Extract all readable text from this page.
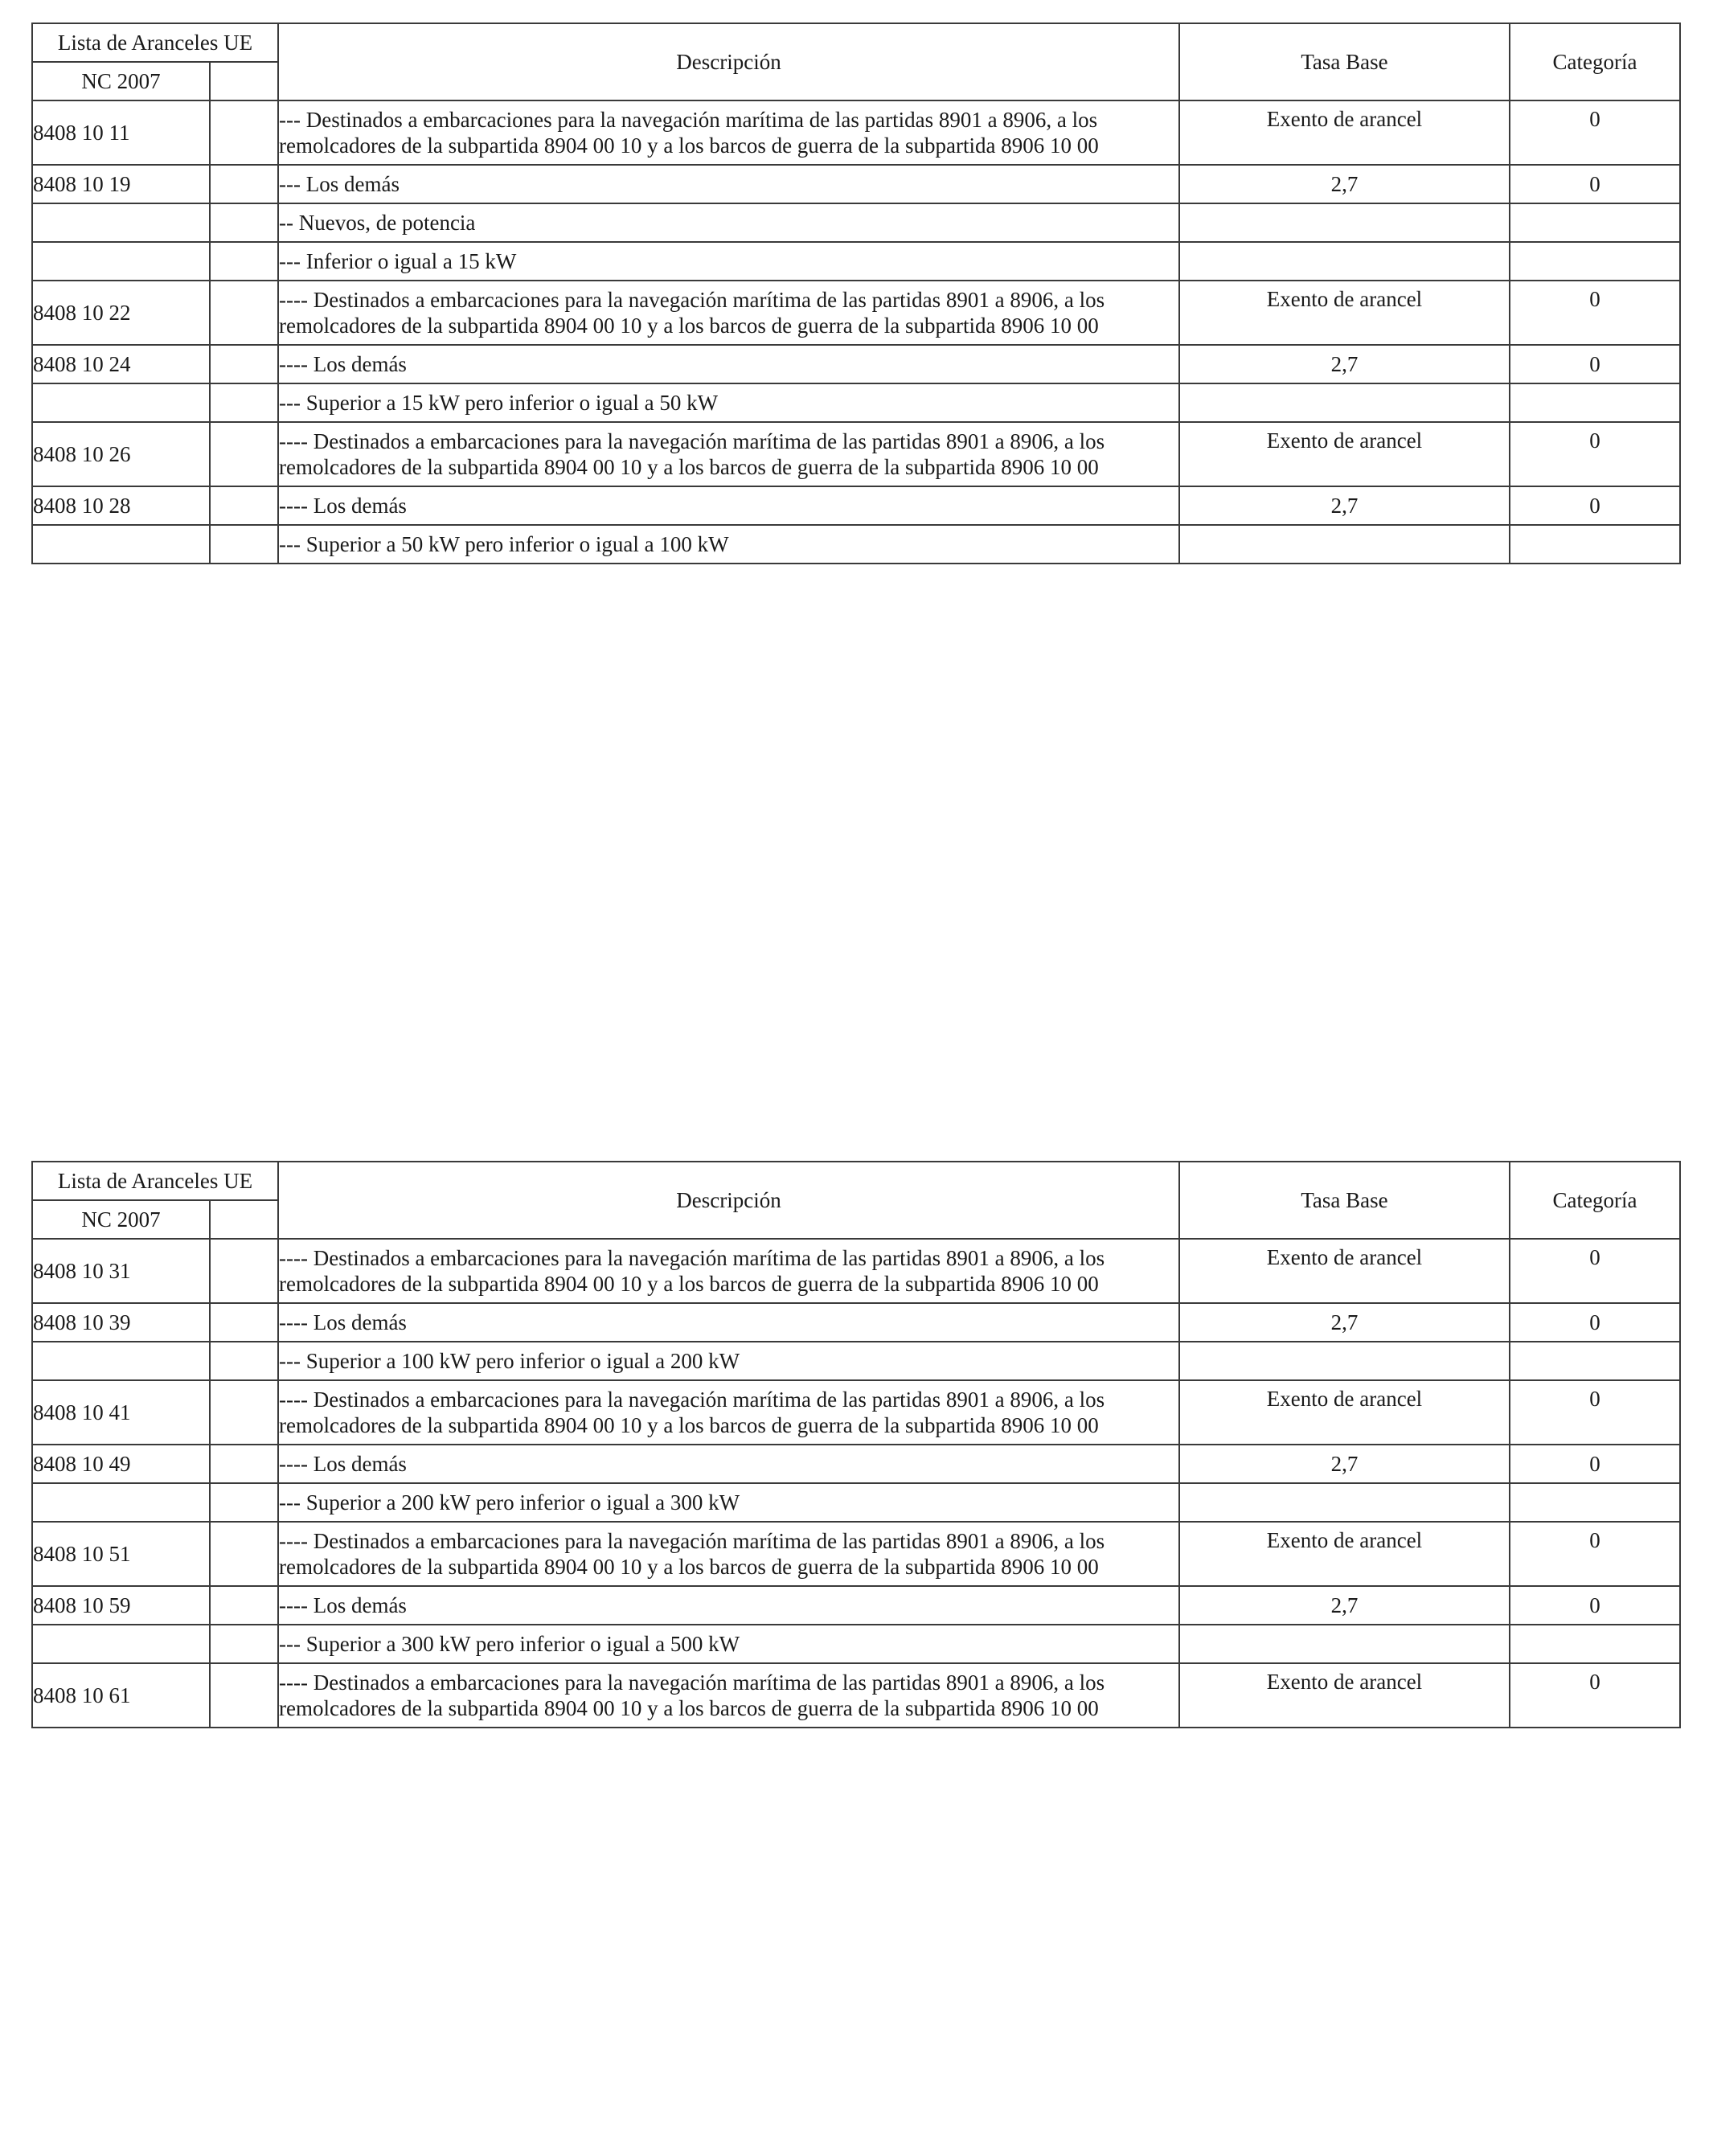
Lista de Aranceles UE		Descripción	Tasa Base	Categoría
NC 2007				
8408 10 11		--- Destinados a embarcaciones para la navegación marítima de las partidas 8901 a 8906, a los remolcadores de la subpartida 8904 00 10 y a los barcos de guerra de la subpartida 8906 10 00	Exento de arancel	0
8408 10 19		--- Los demás	2,7	0
		-- Nuevos, de potencia		
		--- Inferior o igual a 15 kW		
8408 10 22		---- Destinados a embarcaciones para la navegación marítima de las partidas 8901 a 8906, a los remolcadores de la subpartida 8904 00 10 y a los barcos de guerra de la subpartida 8906 10 00	Exento de arancel	0
8408 10 24		---- Los demás	2,7	0
		--- Superior a 15 kW pero inferior o igual a 50 kW		
8408 10 26		---- Destinados a embarcaciones para la navegación marítima de las partidas 8901 a 8906, a los remolcadores de la subpartida 8904 00 10 y a los barcos de guerra de la subpartida 8906 10 00	Exento de arancel	0
8408 10 28		---- Los demás	2,7	0
		--- Superior a 50 kW pero inferior o igual a 100 kW		
Lista de Aranceles UE		Descripción	Tasa Base	Categoría
NC 2007				
8408 10 31		---- Destinados a embarcaciones para la navegación marítima de las partidas 8901 a 8906, a los remolcadores de la subpartida 8904 00 10 y a los barcos de guerra de la subpartida 8906 10 00	Exento de arancel	0
8408 10 39		---- Los demás	2,7	0
		--- Superior a 100 kW pero inferior o igual a 200 kW		
8408 10 41		---- Destinados a embarcaciones para la navegación marítima de las partidas 8901 a 8906, a los remolcadores de la subpartida 8904 00 10 y a los barcos de guerra de la subpartida 8906 10 00	Exento de arancel	0
8408 10 49		---- Los demás	2,7	0
		--- Superior a 200 kW pero inferior o igual a 300 kW		
8408 10 51		---- Destinados a embarcaciones para la navegación marítima de las partidas 8901 a 8906, a los remolcadores de la subpartida 8904 00 10 y a los barcos de guerra de la subpartida 8906 10 00	Exento de arancel	0
8408 10 59		---- Los demás	2,7	0
		--- Superior a 300 kW pero inferior o igual a 500 kW		
8408 10 61		---- Destinados a embarcaciones para la navegación marítima de las partidas 8901 a 8906, a los remolcadores de la subpartida 8904 00 10 y a los barcos de guerra de la subpartida 8906 10 00	Exento de arancel	0
